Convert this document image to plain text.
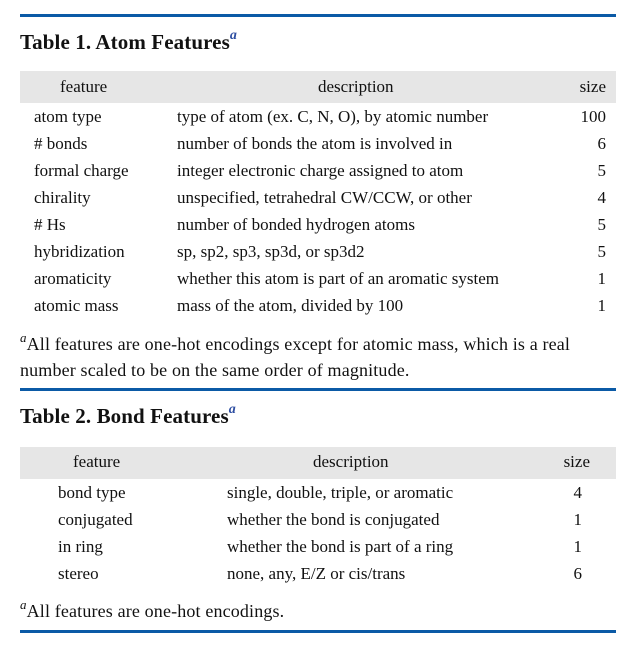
Table 1. Atom Features$^a$
feature	description	size
atom type	type of atom (ex. C, N, O), by atomic number	100
# bonds	number of bonds the atom is involved in	6
formal charge	integer electronic charge assigned to atom	5
chirality	unspecified, tetrahedral CW/CCW, or other	4
# Hs	number of bonded hydrogen atoms	5
hybridization	sp, sp2, sp3, sp3d, or sp3d2	5
aromaticity	whether this atom is part of an aromatic system	1
atomic mass	mass of the atom, divided by 100	1
$^a$All features are one-hot encodings except for atomic mass, which is a real number scaled to be on the same order of magnitude.
Table 2. Bond Features$^a$
feature	description	size
bond type	single, double, triple, or aromatic	4
conjugated	whether the bond is conjugated	1
in ring	whether the bond is part of a ring	1
stereo	none, any, E/Z or cis/trans	6
$^a$All features are one-hot encodings.
